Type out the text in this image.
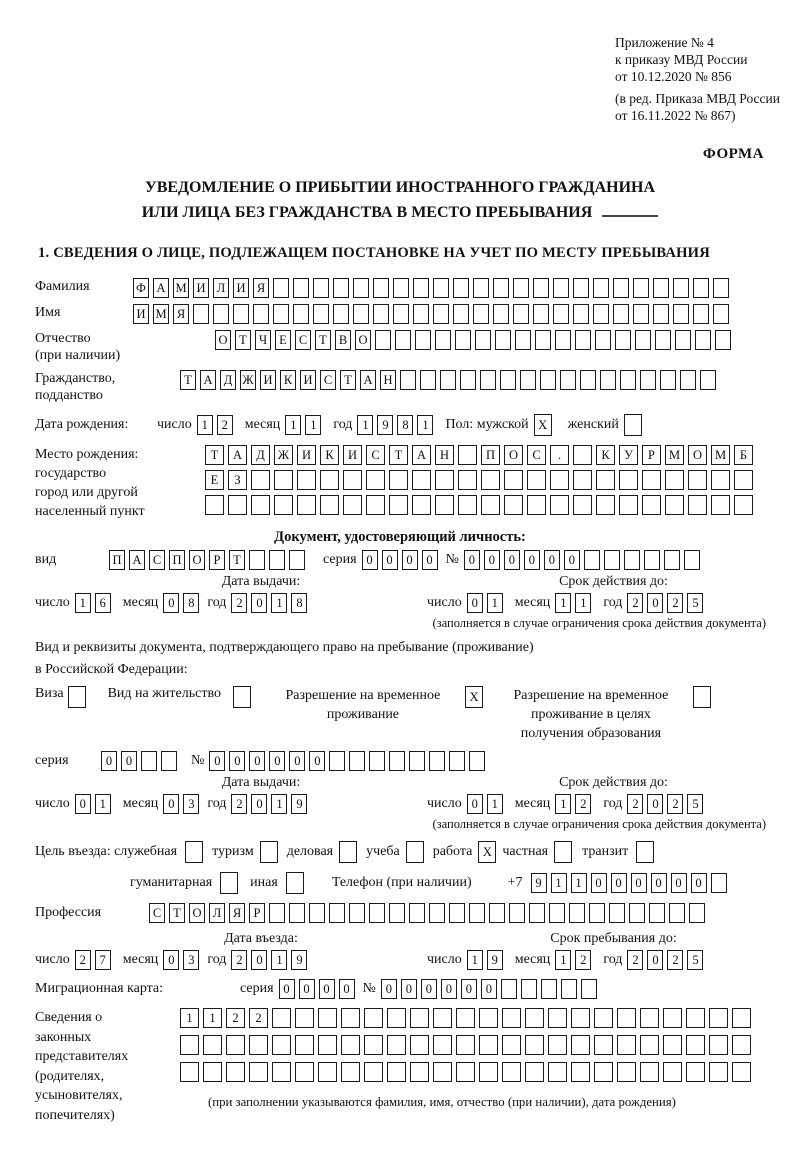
Приложение № 4
к приказу МВД России
от 10.12.2020 № 856
(в ред. Приказа МВД России
от 16.11.2022 № 867)
ФОРМА
УВЕДОМЛЕНИЕ О ПРИБЫТИИ ИНОСТРАННОГО ГРАЖДАНИНА
ИЛИ ЛИЦА БЕЗ ГРАЖДАНСТВА В МЕСТО ПРЕБЫВАНИЯ
1. СВЕДЕНИЯ О ЛИЦЕ, ПОДЛЕЖАЩЕМ ПОСТАНОВКЕ НА УЧЕТ ПО МЕСТУ ПРЕБЫВАНИЯ
Фамилия	Ф А М И Л И Я
Имя	И М Я
Отчество
(при наличии)
О Т Ч Е С Т В О
Гражданство,
подданство
Т А Д Ж И К И С Т А Н
Дата рождения:	число 1	2	месяц 1	1	год 1	9	8	1	Пол: мужской X	женский
Место рождения:
государство
город или другой
населенный пункт
Т	А	Д	Ж	И	К	И	С	Т	А	Н	П	О	С	.	К	У	Р	М	О	М	Б
Е	З
Документ, удостоверяющий личность:
вид	П А С П О Р	Т	серия 0	0	0	0 № 0	0	0	0	0	0
Дата выдачи:
число 1	6	месяц 0	8 год 2	0	1	8
Срок действия до:
число 0	1	месяц 1	1	год 2	0	2	5
(заполняется в случае ограничения срока действия документа)
Вид и реквизиты документа, подтверждающего право на пребывание (проживание)
в Российской Федерации:
Виза	Вид на жительство	Разрешение на временное
проживание
X	Разрешение на временное
проживание в целях
получения образования
серия	0	0	№ 0	0	0	0	0	0
Дата выдачи:
число 0	1	месяц 0	3 год 2	0	1	9
Срок действия до:
число 0	1	месяц 1	2	год 2	0	2	5
(заполняется в случае ограничения срока действия документа)
Цель въезда: служебная	туризм деловая учеба работа X частная транзит
гуманитарная	иная	Телефон (при наличии)	+7	9	1	1	0	0	0	0	0	0
Профессия	С Т О Л Я Р
Дата въезда:
число 2	7	месяц 0	3 год 2	0	1	9
Срок пребывания до:
число 1	9	месяц 1	2	год 2	0	2	5
Миграционная карта:	серия 0	0	0	0 № 0	0	0	0	0	0
Сведения о
законных
представителях
(родителях,
усыновителях,
попечителях)
1	1	2	2
(при заполнении указываются фамилия, имя, отчество (при наличии), дата рождения)
